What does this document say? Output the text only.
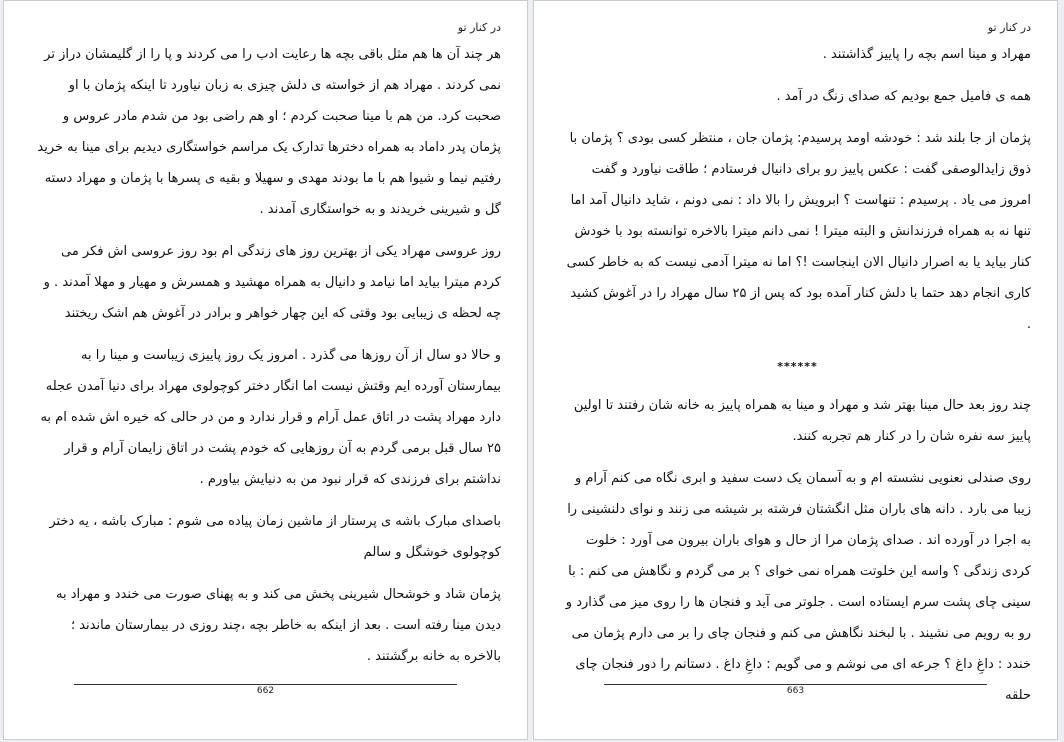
در کنار تو

هر چند آن ها هم مثل باقی بچه ها رعایت ادب را می کردند و پا را از گلیمشان دراز تر نمی کردند . مهراد هم از خواسته ی دلش چیزی به زبان نیاورد تا اینکه پژمان با او صحبت کرد. من هم با مینا صحبت کردم ؛ او هم راضی بود من شدم مادر عروس و پژمان پدر داماد به همراه دخترها تدارک یک مراسم خواستگاری دیدیم برای مینا به خرید رفتیم نیما و شیوا هم با ما بودند مهدی و سهیلا و بقیه ی پسرها با پژمان و مهراد دسته گل و شیرینی خریدند و به خواستگاری آمدند .

روز عروسی مهراد یکی از بهترین روز های زندگی ام بود روز عروسی اش فکر می کردم میترا بیاید اما نیامد و دانیال به همراه مهشید و همسرش و مهیار و مهلا آمدند . و چه لحظه ی زیبایی بود وقتی که این چهار خواهر و برادر در آغوش هم اشک ریختند

و حالا دو سال از آن روزها می گذرد . امروز یک روز پاییزی زیباست و مینا را به بیمارستان آورده ایم وقتش نیست اما انگار دختر کوچولوی مهراد برای دنیا آمدن عجله دارد مهراد پشت در اتاق عمل آرام و قرار ندارد و من در حالی که خیره اش شده ام به ۲۵ سال قبل برمی گردم به آن روزهایی که خودم پشت در اتاق زایمان آرام و قرار نداشتم برای فرزندی که قرار نبود من به دنیایش بیاورم .

باصدای مبارک باشه ی پرستار از ماشین زمان پیاده می شوم : مبارک باشه ، یه دختر کوچولوی خوشگل و سالم

پژمان شاد و خوشحال شیرینی پخش می کند و به پهنای صورت می خندد و مهراد به دیدن مینا رفته است . بعد از اینکه به خاطر بچه ،چند روزی در بیمارستان ماندند ؛ بالاخره به خانه برگشتند .

662
در کنار تو

مهراد و مینا اسم بچه را پاییز گذاشتند .

همه ی فامیل جمع بودیم که صدای زنگ در آمد .

پژمان از جا بلند شد : خودشه اومد پرسیدم: پژمان جان ، منتظر کسی بودی ؟ پژمان با ذوق زایدالوصفی گفت : عکس پاییز رو برای دانیال فرستادم ؛ طاقت نیاورد و گفت امروز می یاد . پرسیدم : تنهاست ؟ ابرویش را بالا داد : نمی دونم ، شاید دانیال آمد اما تنها نه به همراه فرزندانش و البته میترا ! نمی دانم میترا بالاخره توانسته بود با خودش کنار بیاید یا به اصرار دانیال الان اینجاست !؟ اما نه میترا آدمی نیست که به خاطر کسی کاری انجام دهد حتما با دلش کنار آمده بود که پس از ۲۵ سال مهراد را در آغوش کشید .

******

چند روز بعد حال مینا بهتر شد و مهراد و مینا به همراه پاییز به خانه شان رفتند تا اولین پاییز سه نفره شان را در کنار هم تجربه کنند.

روی صندلی نعنویی نشسته ام و به آسمان یک دست سفید و ابری نگاه می کنم آرام و زیبا می بارد . دانه های باران مثل انگشتان فرشته بر شیشه می زنند و نوای دلنشینی را به اجرا در آورده اند . صدای پژمان مرا از حال و هوای باران بیرون می آورد : خلوت کردی زندگی ؟ واسه این خلوتت همراه نمی خوای ؟ بر می گردم و نگاهش می کنم : با سینی چای پشت سرم ایستاده است . جلوتر می آید و فنجان ها را روی میز می گذارد و رو به رویم می نشیند . با لبخند نگاهش می کنم و فنجان چای را بر می دارم پژمان می خندد : داغِ داغ ؟ جرعه ای می نوشم و می گویم : داغِ داغ . دستانم را دور فنجان چای حلقه

663
